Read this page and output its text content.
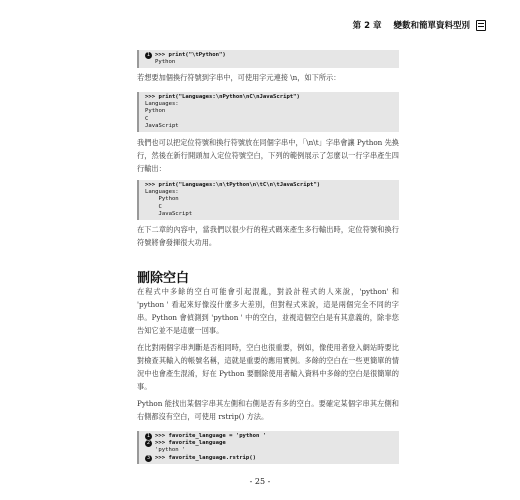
第 2 章 變數和簡單資料型別
1 >>> print("\tPython")
Python
若想要加個換行符號到字串中，可使用字元連接 \n，如下所示：
>>> print("Languages:\nPython\nC\nJavaScript")
Languages:
Python
C
JavaScript
我們也可以把定位符號和換行符號放在同個字串中，「\n\t」字串會讓 Python 先換行，然後在新行開頭加入定位符號空白，下列的範例展示了怎麼以一行字串產生四行輸出：
>>> print("Languages:\n\tPython\n\tC\n\tJavaScript")
Languages:
Python
C
JavaScript
在下二章的內容中，當我們以很少行的程式碼來產生多行輸出時，定位符號和換行符號將會發揮很大功用。
刪除空白
在程式中多餘的空白可能會引起混亂，對設計程式的人來說，'python' 和 'python ' 看起來好像沒什麼多大差別，但對程式來說，這是兩個完全不同的字串。Python 會偵測到 'python ' 中的空白，並視這個空白是有其意義的，除非您告知它並不是這麼一回事。
在比對兩個字串判斷是否相同時，空白也很重要，例如，像使用者登入網站時要比對檢查其輸入的帳號名稱，這就是重要的應用實例。多餘的空白在一些更簡單的情況中也會產生混淆，好在 Python 要刪除使用者輸入資料中多餘的空白是很簡單的事。
Python 能找出某個字串其左側和右側是否有多的空白。要確定某個字串其左側和右側都沒有空白，可使用 rstrip() 方法。
1 >>> favorite_language = 'python '
2 >>> favorite_language
'python '
3 >>> favorite_language.rstrip()
- 25 -
